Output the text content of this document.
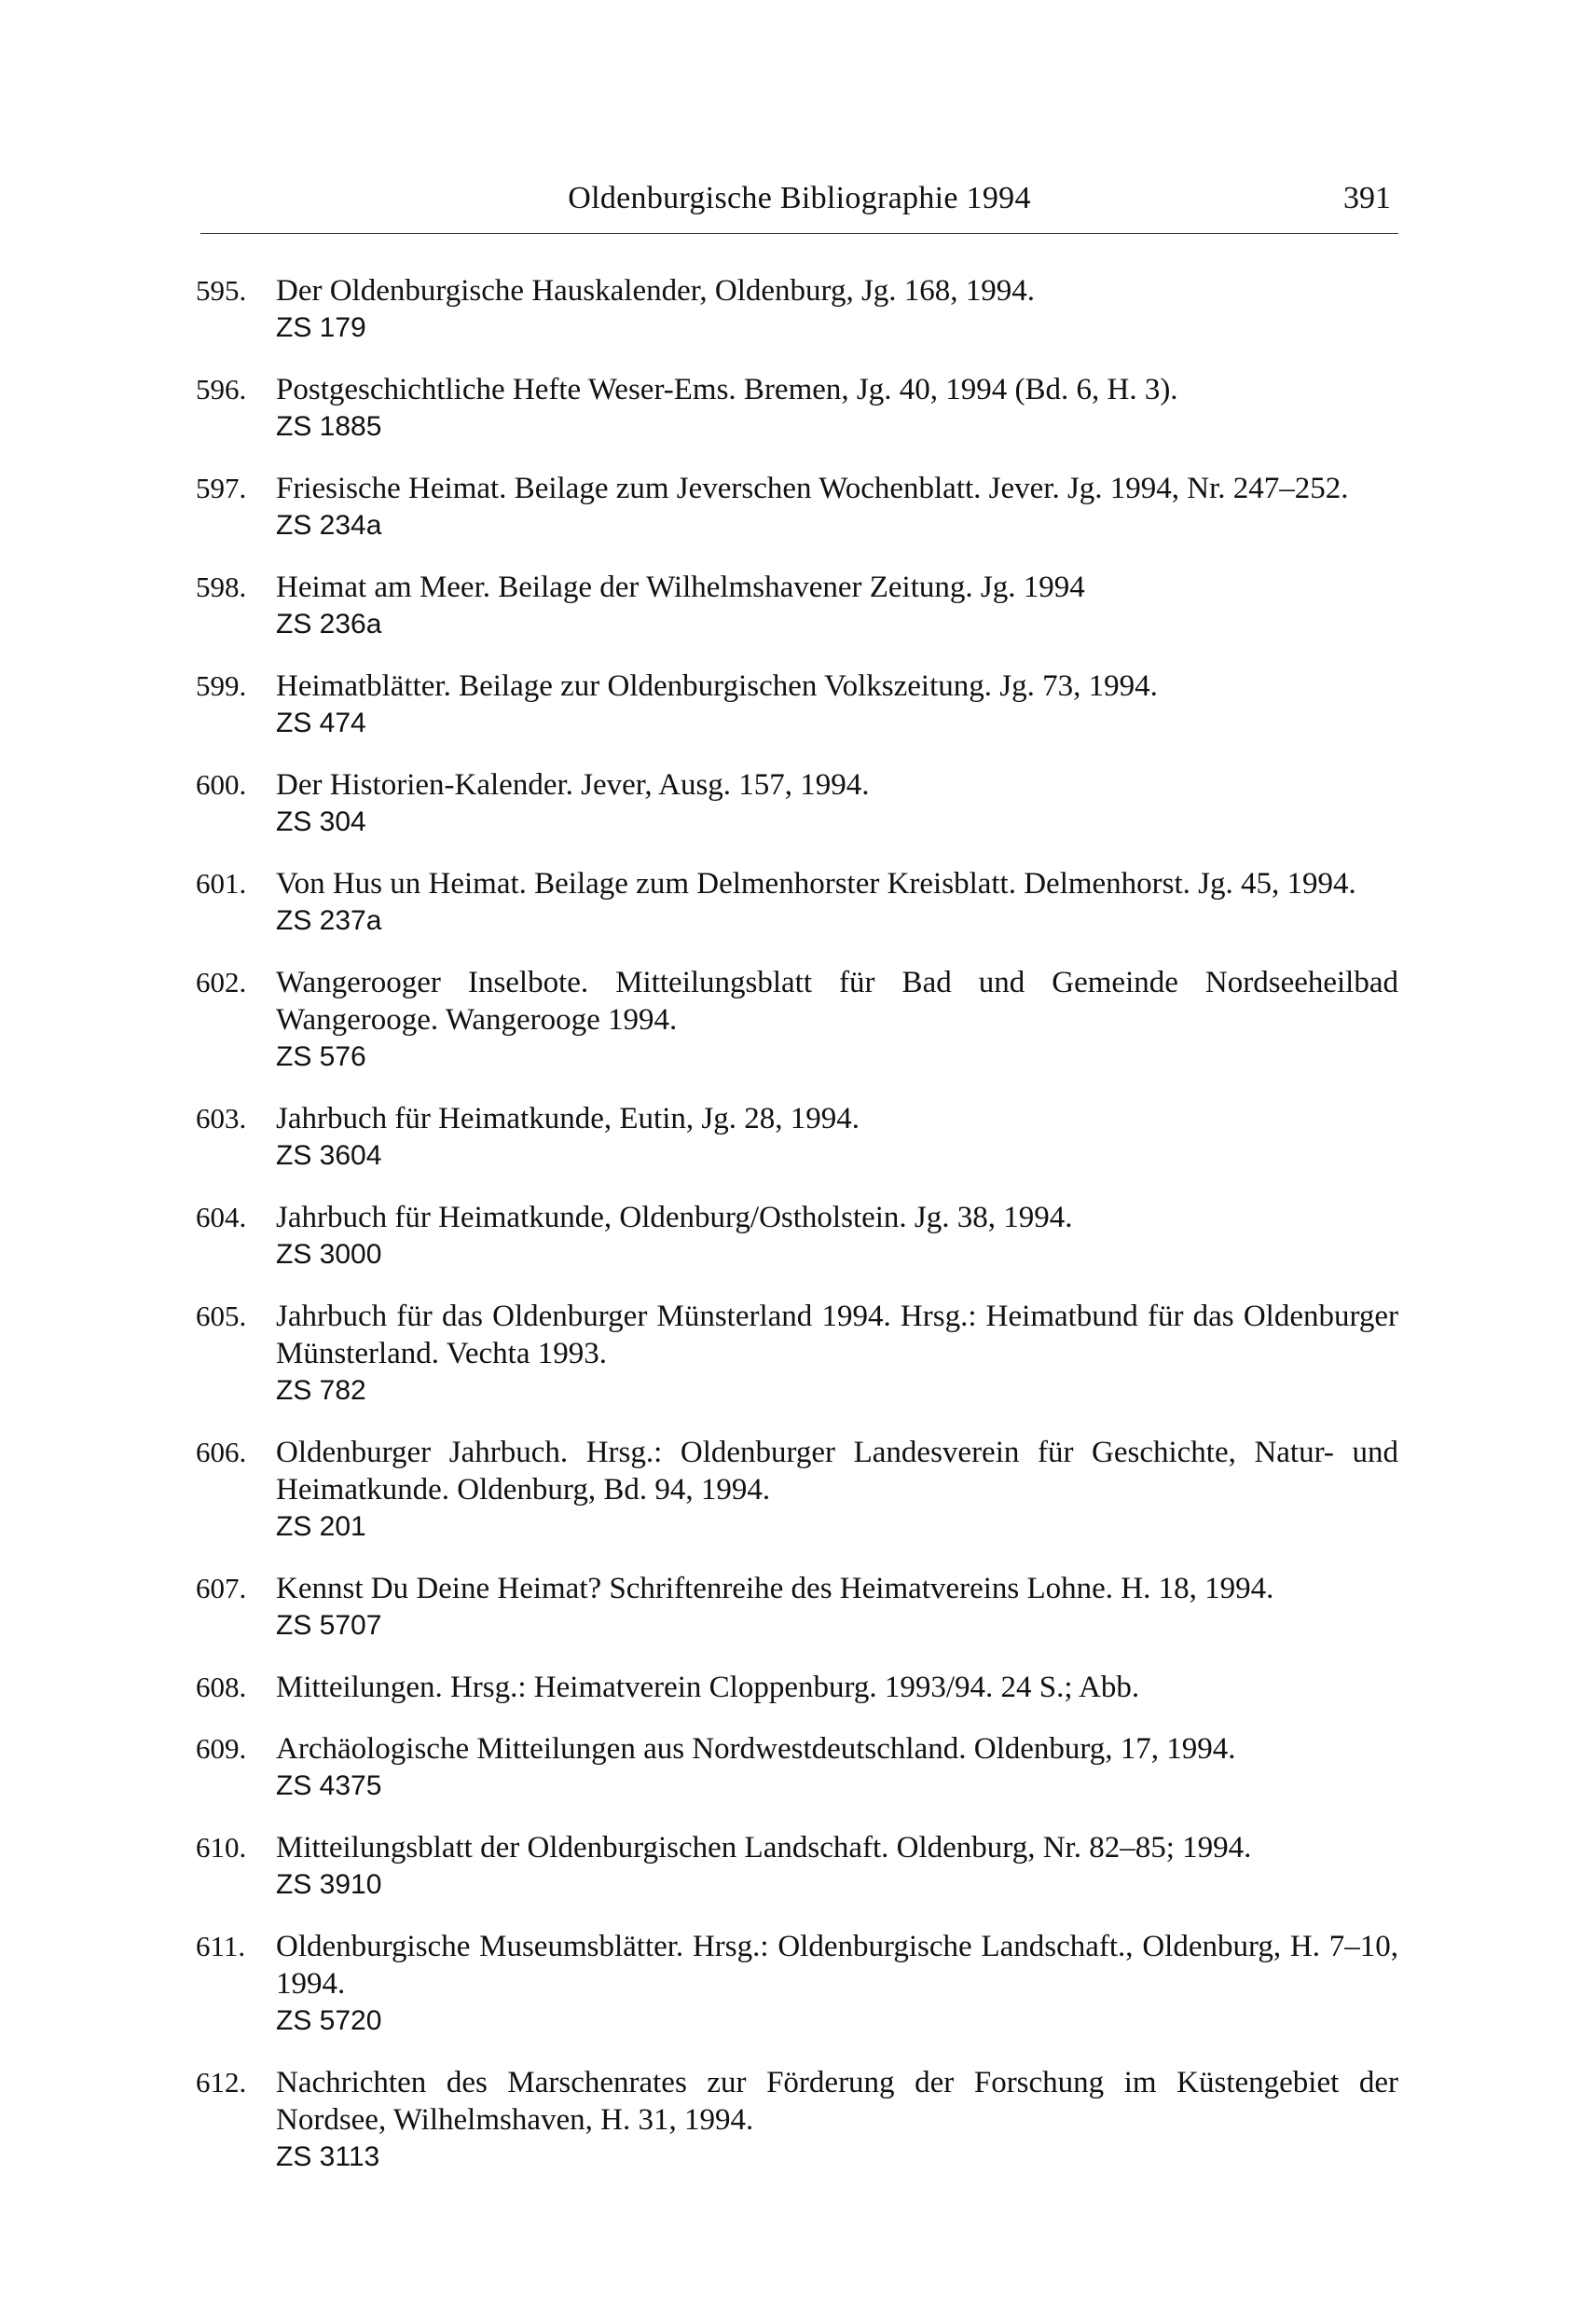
Oldenburgische Bibliographie 1994	391
595. Der Oldenburgische Hauskalender, Oldenburg, Jg. 168, 1994.
ZS 179
596. Postgeschichtliche Hefte Weser-Ems. Bremen, Jg. 40, 1994 (Bd. 6, H. 3).
ZS 1885
597. Friesische Heimat. Beilage zum Jeverschen Wochenblatt. Jever. Jg. 1994, Nr. 247–252.
ZS 234a
598. Heimat am Meer. Beilage der Wilhelmshavener Zeitung. Jg. 1994
ZS 236a
599. Heimatblätter. Beilage zur Oldenburgischen Volkszeitung. Jg. 73, 1994.
ZS 474
600. Der Historien-Kalender. Jever, Ausg. 157, 1994.
ZS 304
601. Von Hus un Heimat. Beilage zum Delmenhorster Kreisblatt. Delmenhorst. Jg. 45, 1994.
ZS 237a
602. Wangerooger Inselbote. Mitteilungsblatt für Bad und Gemeinde Nordseeheilbad Wangerooge. Wangerooge 1994.
ZS 576
603. Jahrbuch für Heimatkunde, Eutin, Jg. 28, 1994.
ZS 3604
604. Jahrbuch für Heimatkunde, Oldenburg/Ostholstein. Jg. 38, 1994.
ZS 3000
605. Jahrbuch für das Oldenburger Münsterland 1994. Hrsg.: Heimatbund für das Oldenburger Münsterland. Vechta 1993.
ZS 782
606. Oldenburger Jahrbuch. Hrsg.: Oldenburger Landesverein für Geschichte, Natur- und Heimatkunde. Oldenburg, Bd. 94, 1994.
ZS 201
607. Kennst Du Deine Heimat? Schriftenreihe des Heimatvereins Lohne. H. 18, 1994.
ZS 5707
608. Mitteilungen. Hrsg.: Heimatverein Cloppenburg. 1993/94. 24 S.; Abb.
609. Archäologische Mitteilungen aus Nordwestdeutschland. Oldenburg, 17, 1994.
ZS 4375
610. Mitteilungsblatt der Oldenburgischen Landschaft. Oldenburg, Nr. 82–85; 1994.
ZS 3910
611. Oldenburgische Museumsblätter. Hrsg.: Oldenburgische Landschaft., Oldenburg, H. 7–10, 1994.
ZS 5720
612. Nachrichten des Marschenrates zur Förderung der Forschung im Küstengebiet der Nordsee, Wilhelmshaven, H. 31, 1994.
ZS 3113
